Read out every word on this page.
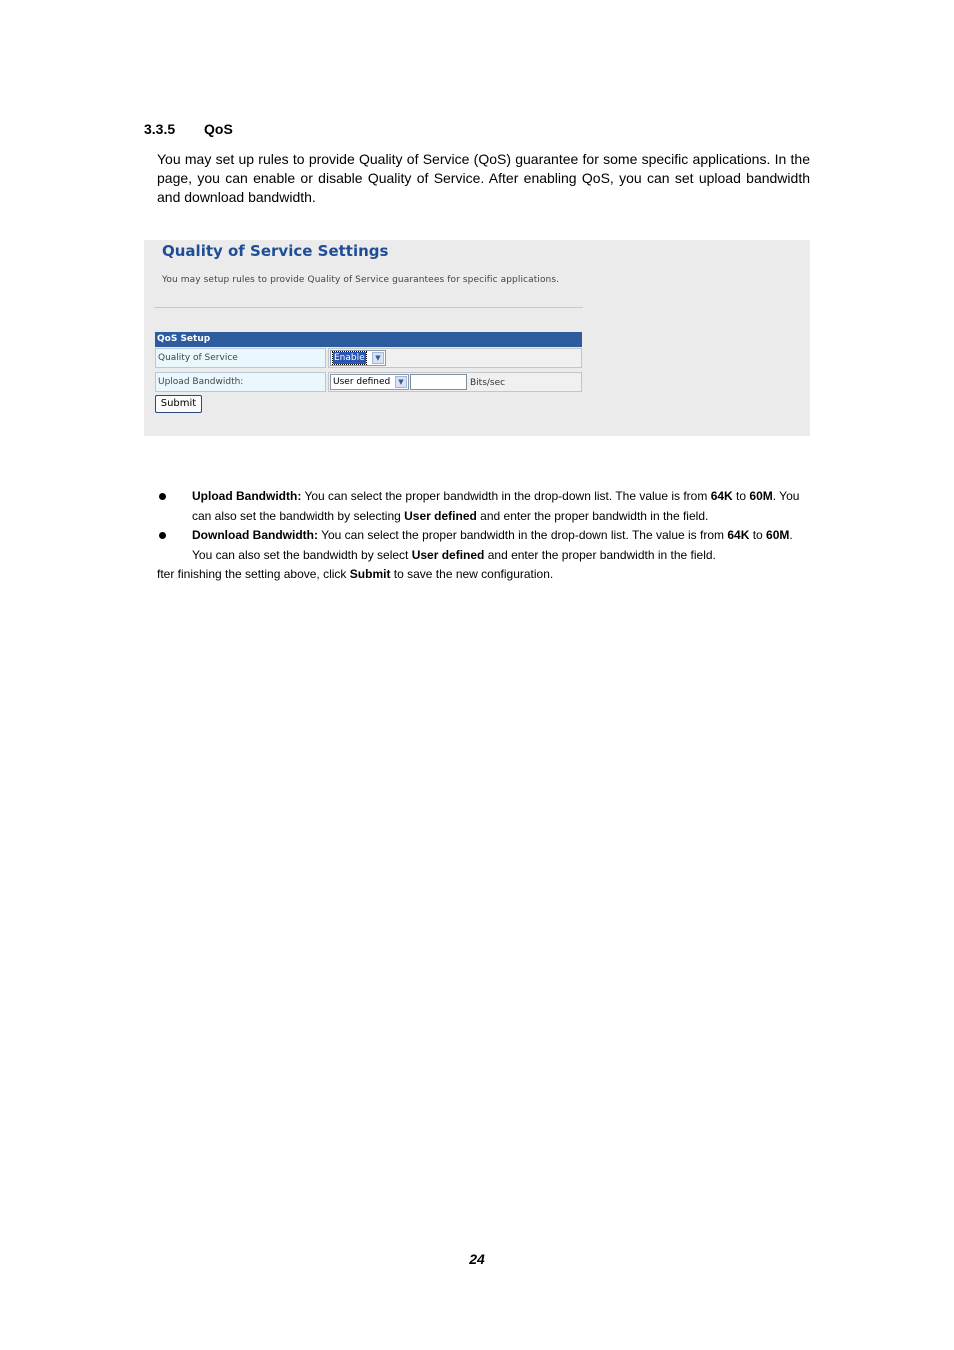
3.3.5 QoS

You may set up rules to provide Quality of Service (QoS) guarantee for some specific applications. In the page, you can enable or disable Quality of Service. After enabling QoS, you can set upload bandwidth and download bandwidth.

Quality of Service Settings

You may setup rules to provide Quality of Service guarantees for specific applications.

QoS Setup
Quality of Service	Enable	▼
Upload Bandwidth:	User defined	▼	Bits/sec
Submit

Upload Bandwidth: You can select the proper bandwidth in the drop-down list. The value is from 64K to 60M. You can also set the bandwidth by selecting User defined and enter the proper bandwidth in the field.

Download Bandwidth: You can select the proper bandwidth in the drop-down list. The value is from 64K to 60M. You can also set the bandwidth by select User defined and enter the proper bandwidth in the field.

fter finishing the setting above, click Submit to save the new configuration.

24
